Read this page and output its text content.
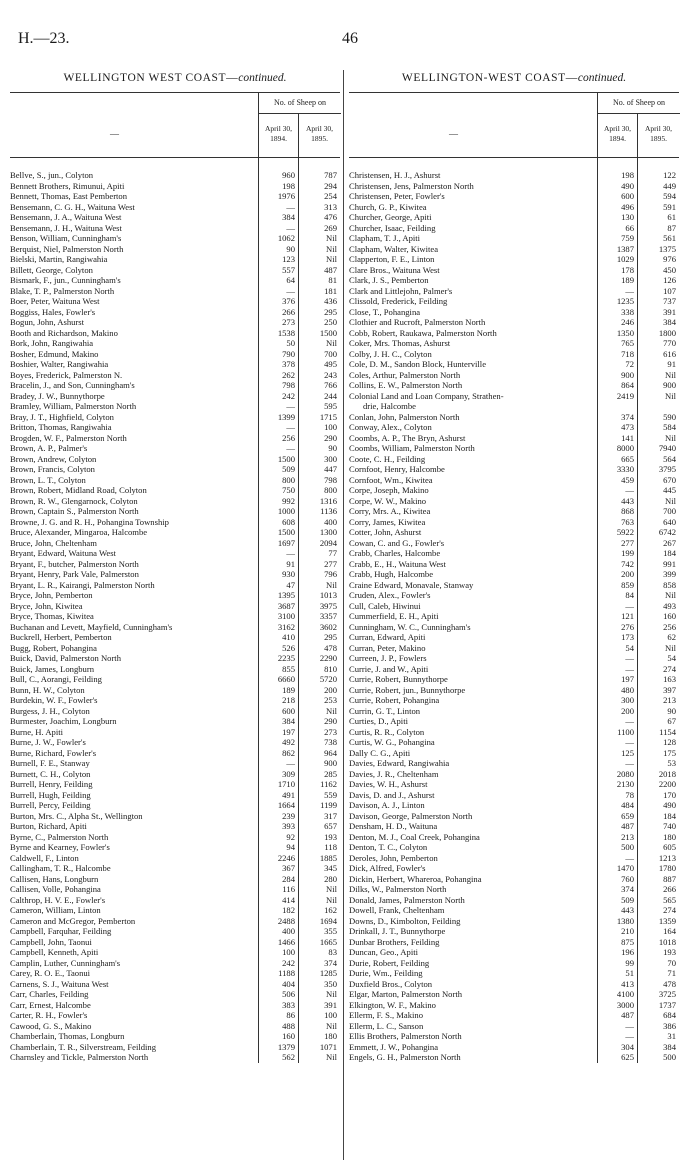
H.—23.	46
WELLINGTON WEST COAST—continued.
—
No. of Sheep on
April 30, 1894.
April 30, 1895.
Bellve, S., jun., Colyton	960	787
Bennett Brothers, Rimunui, Apiti	198	294
Bennett, Thomas, East Pemberton	1976	254
Bensemann, C. G. H., Waituna West	—	313
Bensemann, J. A., Waituna West	384	476
Bensemann, J. H., Waituna West	—	269
Benson, William, Cunningham's	1062	Nil
Berquist, Niel, Palmerston North	90	Nil
Bielski, Martin, Rangiwahia	123	Nil
Billett, George, Colyton	557	487
Bismark, F., jun., Cunningham's	64	81
Blake, T. P., Palmerston North	—	181
Boer, Peter, Waituna West	376	436
Boggiss, Hales, Fowler's	266	295
Bogun, John, Ashurst	273	250
Booth and Richardson, Makino	1538	1500
Bork, John, Rangiwahia	50	Nil
Bosher, Edmund, Makino	790	700
Boshier, Walter, Rangiwahia	378	495
Boyes, Frederick, Palmerston N.	262	243
Bracelin, J., and Son, Cunningham's	798	766
Bradey, J. W., Bunnythorpe	242	244
Bramley, William, Palmerston North	—	595
Bray, J. T., Highfield, Colyton	1399	1715
Britton, Thomas, Rangiwahia	—	100
Brogden, W. F., Palmerston North	256	290
Brown, A. P., Palmer's	—	90
Brown, Andrew, Colyton	1500	300
Brown, Francis, Colyton	509	447
Brown, L. T., Colyton	800	798
Brown, Robert, Midland Road, Colyton	750	800
Brown, R. W., Glengarnock, Colyton	992	1316
Brown, Captain S., Palmerston North	1000	1136
Browne, J. G. and R. H., Pohangina Township	608	400
Bruce, Alexander, Mingaroa, Halcombe	1500	1300
Bruce, John, Cheltenham	1697	2094
Bryant, Edward, Waituna West	—	77
Bryant, F., butcher, Palmerston North	91	277
Bryant, Henry, Park Vale, Palmerston	930	796
Bryant, L. R., Kairangi, Palmerston North	47	Nil
Bryce, John, Pemberton	1395	1013
Bryce, John, Kiwitea	3687	3975
Bryce, Thomas, Kiwitea	3100	3357
Buchanan and Levett, Mayfield, Cunningham's	3162	3602
Buckrell, Herbert, Pemberton	410	295
Bugg, Robert, Pohangina	526	478
Buick, David, Palmerston North	2235	2290
Buick, James, Longburn	855	810
Bull, C., Aorangi, Feilding	6660	5720
Bunn, H. W., Colyton	189	200
Burdekin, W. F., Fowler's	218	253
Burgess, J. H., Colyton	600	Nil
Burmester, Joachim, Longburn	384	290
Burne, H. Apiti	197	273
Burne, J. W., Fowler's	492	738
Burne, Richard, Fowler's	862	964
Burnell, F. E., Stanway	—	900
Burnett, C. H., Colyton	309	285
Burrell, Henry, Feilding	1710	1162
Burrell, Hugh, Feilding	491	559
Burrell, Percy, Feilding	1664	1199
Burton, Mrs. C., Alpha St., Wellington	239	317
Burton, Richard, Apiti	393	657
Byrne, C., Palmerston North	92	193
Byrne and Kearney, Fowler's	94	118
Caldwell, F., Linton	2246	1885
Callingham, T. R., Halcombe	367	345
Callisen, Hans, Longburn	284	280
Callisen, Volle, Pohangina	116	Nil
Calthrop, H. V. E., Fowler's	414	Nil
Cameron, William, Linton	182	162
Cameron and McGregor, Pemberton	2488	1694
Campbell, Farquhar, Feilding	400	355
Campbell, John, Taonui	1466	1665
Campbell, Kenneth, Apiti	100	83
Camplin, Luther, Cunningham's	242	374
Carey, R. O. E., Taonui	1188	1285
Carnens, S. J., Waituna West	404	350
Carr, Charles, Feilding	506	Nil
Carr, Ernest, Halcombe	383	391
Carter, R. H., Fowler's	86	100
Cawood, G. S., Makino	488	Nil
Chamberlain, Thomas, Longburn	160	180
Chamberlain, T. R., Silverstream, Feilding	1379	1071
Charnsley and Tickle, Palmerston North	562	Nil
WELLINGTON-WEST COAST—continued.
—
No. of Sheep on
April 30, 1894.
April 30, 1895.
Christensen, H. J., Ashurst	198	122
Christensen, Jens, Palmerston North	490	449
Christensen, Peter, Fowler's	600	594
Church, G. P., Kiwitea	496	591
Churcher, George, Apiti	130	61
Churcher, Isaac, Feilding	66	87
Clapham, T. J., Apiti	759	561
Clapham, Walter, Kiwitea	1387	1375
Clapperton, F. E., Linton	1029	976
Clare Bros., Waituna West	178	450
Clark, J. S., Pemberton	189	126
Clark and Littlejohn, Palmer's	—	107
Clissold, Frederick, Feilding	1235	737
Close, T., Pohangina	338	391
Clothier and Rucroft, Palmerston North	246	384
Cobb, Robert, Raukawa, Palmerston North	1350	1800
Coker, Mrs. Thomas, Ashurst	765	770
Colby, J. H. C., Colyton	718	616
Cole, D. M., Sandon Block, Hunterville	72	91
Coles, Arthur, Palmerston North	900	Nil
Collins, E. W., Palmerston North	864	900
Colonial Land and Loan Company, Strathen-	2419	Nil
drie, Halcombe
Conlan, John, Palmerston North	374	590
Conway, Alex., Colyton	473	584
Coombs, A. P., The Bryn, Ashurst	141	Nil
Coombs, William, Palmerston North	8000	7940
Coote, C. H., Feilding	665	564
Cornfoot, Henry, Halcombe	3330	3795
Cornfoot, Wm., Kiwitea	459	670
Corpe, Joseph, Makino	—	445
Corpe, W. W., Makino	443	Nil
Corry, Mrs. A., Kiwitea	868	700
Corry, James, Kiwitea	763	640
Cotter, John, Ashurst	5922	6742
Cowan, C. and G., Fowler's	277	267
Crabb, Charles, Halcombe	199	184
Crabb, E., H., Waituna West	742	991
Crabb, Hugh, Halcombe	200	399
Craine Edward, Monavale, Stanway	859	858
Cruden, Alex., Fowler's	84	Nil
Cull, Caleb, Hiwinui	—	493
Cummerfield, E. H., Apiti	121	160
Cunningham, W. C., Cunningham's	276	256
Curran, Edward, Apiti	173	62
Curran, Peter, Makino	54	Nil
Curreen, J. P., Fowlers	—	54
Currie, J. and W., Apiti	—	274
Currie, Robert, Bunnythorpe	197	163
Currie, Robert, jun., Bunnythorpe	480	397
Currie, Robert, Pohangina	300	213
Currin, G. T., Linton	200	90
Curties, D., Apiti	—	67
Curtis, R. R., Colyton	1100	1154
Curtis, W. G., Pohangina	—	128
Dally C. G., Apiti	125	175
Davies, Edward, Rangiwahia	—	53
Davies, J. R., Cheltenham	2080	2018
Davies, W. H., Ashurst	2130	2200
Davis, D. and J., Ashurst	78	170
Davison, A. J., Linton	484	490
Davison, George, Palmerston North	659	184
Densham, H. D., Waituna	487	740
Denton, M. J., Coal Creek, Pohangina	213	180
Denton, T. C., Colyton	500	605
Deroles, John, Pemberton	—	1213
Dick, Alfred, Fowler's	1470	1780
Dickin, Herbert, Whareroa, Pohangina	760	887
Dilks, W., Palmerston North	374	266
Donald, James, Palmerston North	509	565
Dowell, Frank, Cheltenham	443	274
Downs, D., Kimbolton, Feilding	1380	1359
Drinkall, J. T., Bunnythorpe	210	164
Dunbar Brothers, Feilding	875	1018
Duncan, Geo., Apiti	196	193
Durie, Robert, Feilding	99	70
Durie, Wm., Feilding	51	71
Duxfield Bros., Colyton	413	478
Elgar, Marton, Palmerston North	4100	3725
Elkington, W. F., Makino	3000	1737
Ellerm, F. S., Makino	487	684
Ellerm, L. C., Sanson	—	386
Ellis Brothers, Palmerston North	—	31
Emmett, J. W., Pohangina	304	384
Engels, G. H., Palmerston North	625	500
